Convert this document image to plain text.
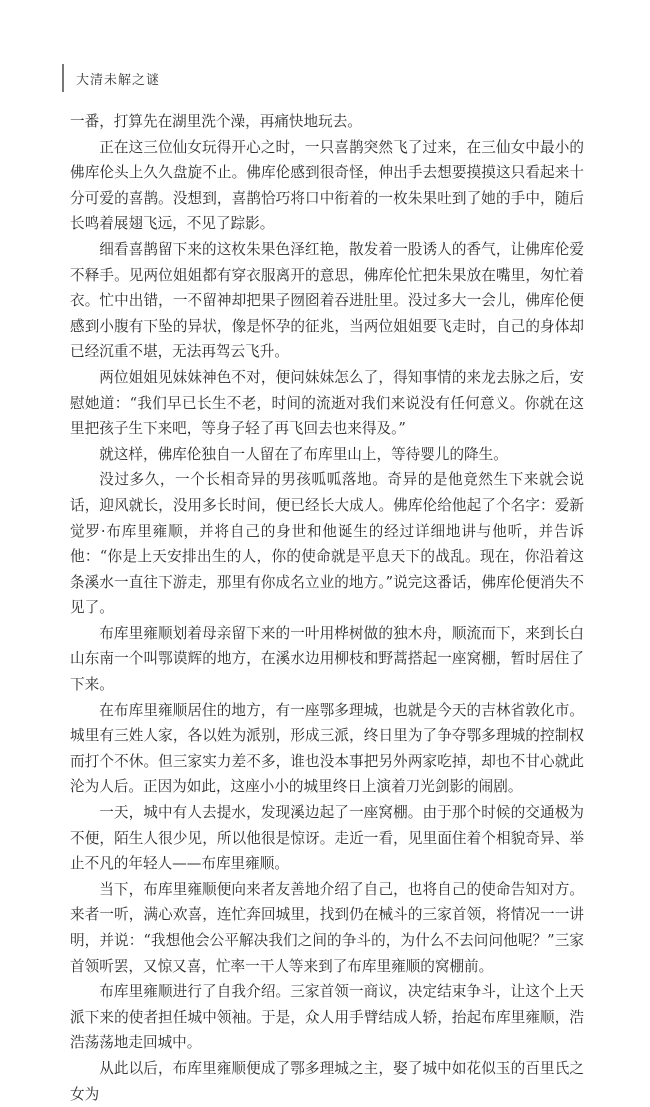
大清未解之谜

一番，打算先在湖里洗个澡，再痛快地玩去。

正在这三位仙女玩得开心之时，一只喜鹊突然飞了过来，在三仙女中最小的佛库伦头上久久盘旋不止。佛库伦感到很奇怪，伸出手去想要摸摸这只看起来十分可爱的喜鹊。没想到，喜鹊恰巧将口中衔着的一枚朱果吐到了她的手中，随后长鸣着展翅飞远，不见了踪影。

细看喜鹊留下来的这枚朱果色泽红艳，散发着一股诱人的香气，让佛库伦爱不释手。见两位姐姐都有穿衣服离开的意思，佛库伦忙把朱果放在嘴里，匆忙着衣。忙中出错，一不留神却把果子囫囵着吞进肚里。没过多大一会儿，佛库伦便感到小腹有下坠的异状，像是怀孕的征兆，当两位姐姐要飞走时，自己的身体却已经沉重不堪，无法再驾云飞升。

两位姐姐见妹妹神色不对，便问妹妹怎么了，得知事情的来龙去脉之后，安慰她道：“我们早已长生不老，时间的流逝对我们来说没有任何意义。你就在这里把孩子生下来吧，等身子轻了再飞回去也来得及。”

就这样，佛库伦独自一人留在了布库里山上，等待婴儿的降生。

没过多久，一个长相奇异的男孩呱呱落地。奇异的是他竟然生下来就会说话，迎风就长，没用多长时间，便已经长大成人。佛库伦给他起了个名字：爱新觉罗·布库里雍顺，并将自己的身世和他诞生的经过详细地讲与他听，并告诉他：“你是上天安排出生的人，你的使命就是平息天下的战乱。现在，你沿着这条溪水一直往下游走，那里有你成名立业的地方。”说完这番话，佛库伦便消失不见了。

布库里雍顺划着母亲留下来的一叶用桦树做的独木舟，顺流而下，来到长白山东南一个叫鄂谟辉的地方，在溪水边用柳枝和野蒿搭起一座窝棚，暂时居住了下来。

在布库里雍顺居住的地方，有一座鄂多理城，也就是今天的吉林省敦化市。城里有三姓人家，各以姓为派别，形成三派，终日里为了争夺鄂多理城的控制权而打个不休。但三家实力差不多，谁也没本事把另外两家吃掉，却也不甘心就此沦为人后。正因为如此，这座小小的城里终日上演着刀光剑影的闹剧。

一天，城中有人去提水，发现溪边起了一座窝棚。由于那个时候的交通极为不便，陌生人很少见，所以他很是惊讶。走近一看，见里面住着个相貌奇异、举止不凡的年轻人——布库里雍顺。

当下，布库里雍顺便向来者友善地介绍了自己，也将自己的使命告知对方。来者一听，满心欢喜，连忙奔回城里，找到仍在械斗的三家首领，将情况一一讲明，并说：“我想他会公平解决我们之间的争斗的，为什么不去问问他呢？”三家首领听罢，又惊又喜，忙率一干人等来到了布库里雍顺的窝棚前。

布库里雍顺进行了自我介绍。三家首领一商议，决定结束争斗，让这个上天派下来的使者担任城中领袖。于是，众人用手臂结成人轿，抬起布库里雍顺，浩浩荡荡地走回城中。

从此以后，布库里雍顺便成了鄂多理城之主，娶了城中如花似玉的百里氏之女为
